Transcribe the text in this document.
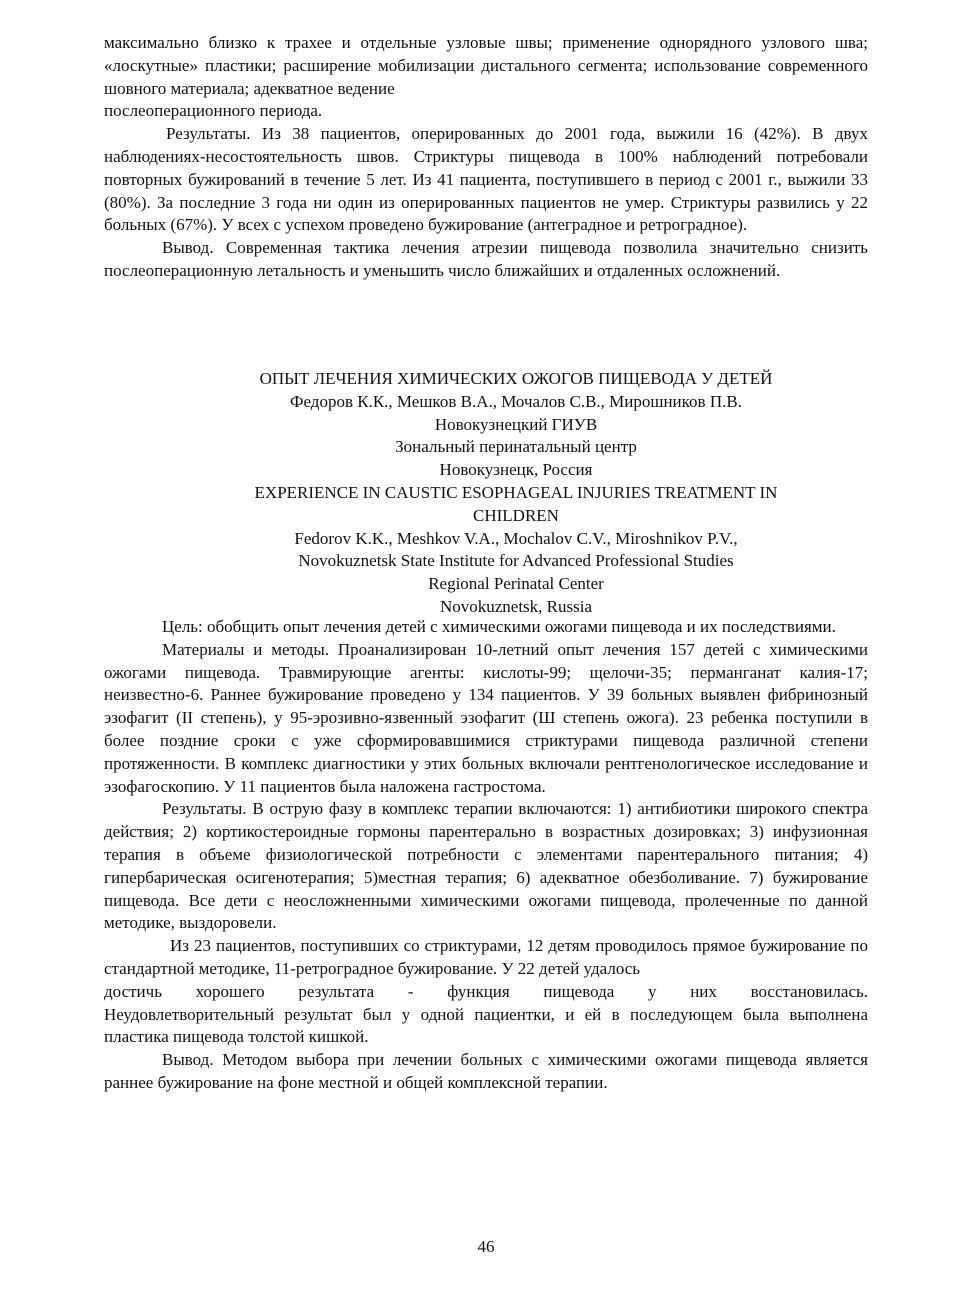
максимально близко к трахее и отдельные узловые швы; применение однорядного узлового шва; «лоскутные» пластики; расширение мобилизации дистального сегмента; использование современного шовного материала; адекватное ведение

послеоперационного периода.

Результаты. Из 38 пациентов, оперированных до 2001 года, выжили 16 (42%). В двух наблюдениях-несостоятельность швов. Стриктуры пищевода в 100% наблюдений потребовали повторных бужирований в течение 5 лет. Из 41 пациента, поступившего в период с 2001 г., выжили 33 (80%). За последние 3 года ни один из оперированных пациентов не умер. Стриктуры развились у 22 больных (67%). У всех с успехом проведено бужирование (антеградное и ретроградное).

Вывод. Современная тактика лечения атрезии пищевода позволила значительно снизить послеоперационную летальность и уменьшить число ближайших и отдаленных осложнений.

ОПЫТ ЛЕЧЕНИЯ ХИМИЧЕСКИХ ОЖОГОВ ПИЩЕВОДА У ДЕТЕЙ

Федоров К.К., Мешков В.А., Мочалов С.В., Мирошников П.В.

Новокузнецкий ГИУВ

Зональный перинатальный центр

Новокузнецк, Россия

EXPERIENCE IN CAUSTIC ESOPHAGEAL INJURIES TREATMENT IN

CHILDREN

Fedorov K.K., Meshkov V.A., Mochalov C.V., Miroshnikov P.V.,

Novokuznetsk State Institute for Advanced Professional Studies

Regional Perinatal Center

Novokuznetsk, Russia

Цель: обобщить опыт лечения детей с химическими ожогами пищевода и их последствиями.

Материалы и методы. Проанализирован 10-летний опыт лечения 157 детей с химическими ожогами пищевода. Травмирующие агенты: кислоты-99; щелочи-35; перманганат калия-17; неизвестно-6. Раннее бужирование проведено у 134 пациентов. У 39 больных выявлен фибринозный эзофагит (II степень), у 95-эрозивно-язвенный эзофагит (Ш степень ожога). 23 ребенка поступили в более поздние сроки с уже сформировавшимися стриктурами пищевода различной степени протяженности. В комплекс диагностики у этих больных включали рентгенологическое исследование и эзофагоскопию. У 11 пациентов была наложена гастростома.

Результаты. В острую фазу в комплекс терапии включаются: 1) антибиотики широкого спектра действия; 2) кортикостероидные гормоны парентерально в возрастных дозировках; 3) инфузионная терапия в объеме физиологической потребности с элементами парентерального питания; 4) гипербарическая осигенотерапия; 5)местная терапия; 6) адекватное обезболивание. 7) бужирование пищевода. Все дети с неосложненными химическими ожогами пищевода, пролеченные по данной методике, выздоровели.

Из 23 пациентов, поступивших со стриктурами, 12 детям проводилось прямое бужирование по стандартной методике, 11-ретроградное бужирование. У 22 детей удалось

достичь хорошего результата - функция пищевода у них восстановилась.

Неудовлетворительный результат был у одной пациентки, и ей в последующем была выполнена пластика пищевода толстой кишкой.

Вывод. Методом выбора при лечении больных с химическими ожогами пищевода является раннее бужирование на фоне местной и общей комплексной терапии.

46
